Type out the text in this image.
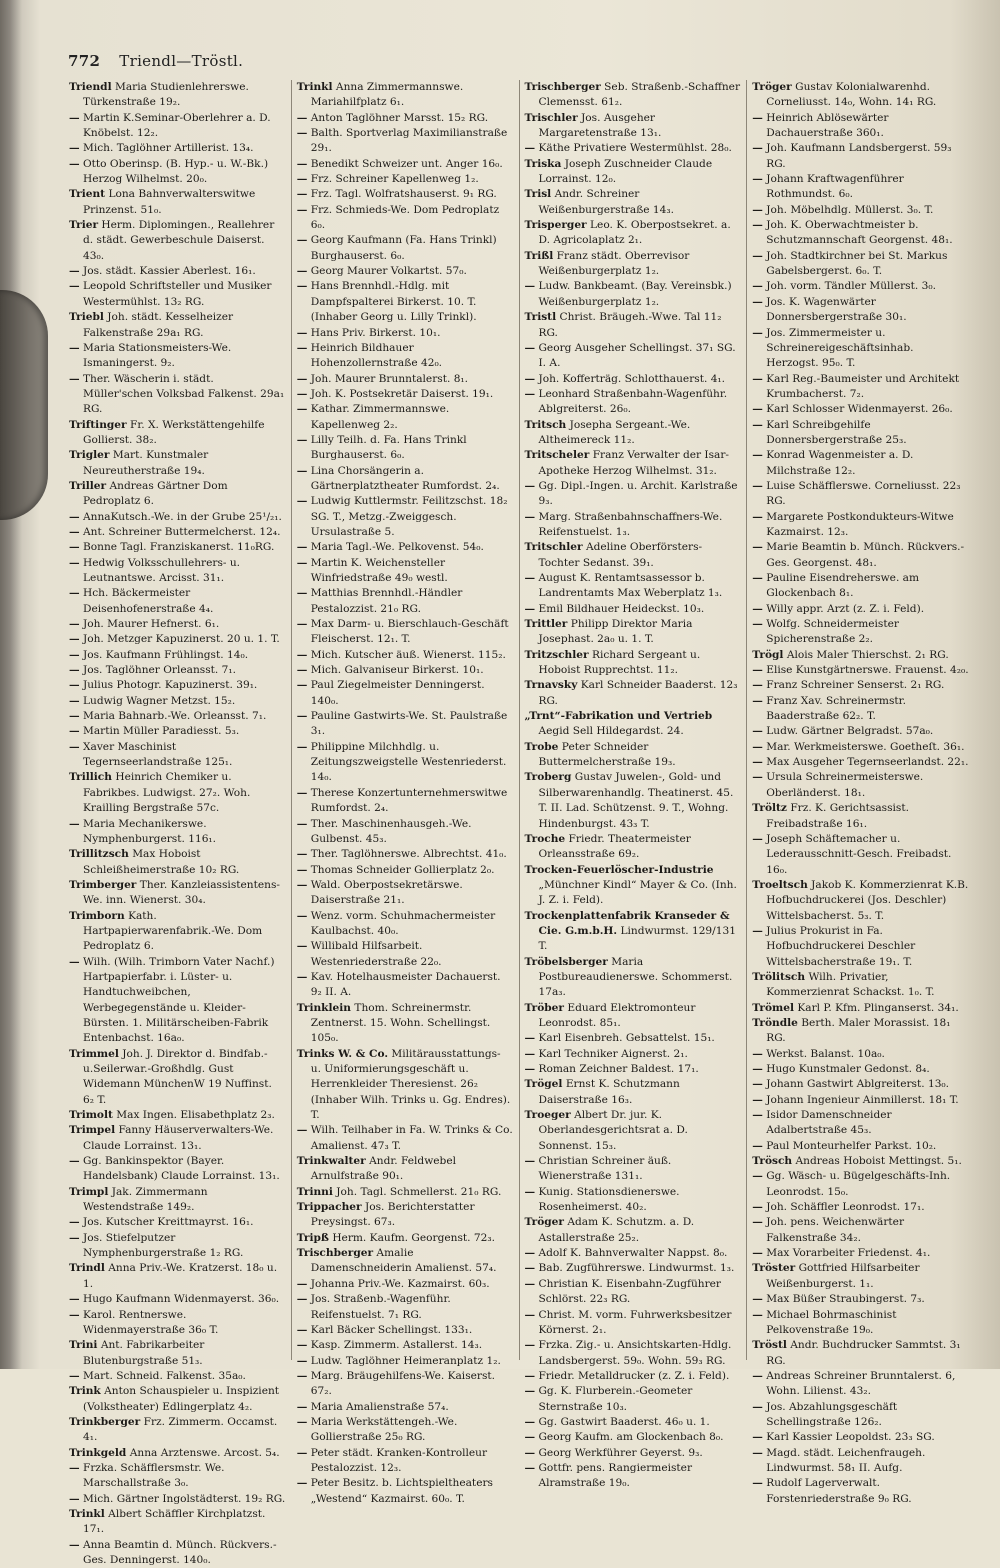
772 Triendl—Tröstl.
Triendl Maria Studienlehrerswe. Türkenstraße 19₂.
— Martin K.Seminar-Oberlehrer a. D. Knöbelst. 12₂.
— Mich. Taglöhner Artillerist. 13₄.
— Otto Oberinsp. (B. Hyp.- u. W.-Bk.) Herzog Wilhelmst. 20₀.
Trient Lona Bahnverwalterswitwe Prinzenst. 51₀.
Trier Herm. Diplomingen., Reallehrer d. städt. Gewerbeschule Daiserst. 43₀.
— Jos. städt. Kassier Aberlest. 16₁.
— Leopold Schriftsteller und Musiker Westermühlst. 13₂ RG.
Triebl Joh. städt. Kesselheizer Falkenstraße 29a₁ RG.
— Maria Stationsmeisters-We. Ismaningerst. 9₂.
— Ther. Wäscherin i. städt. Müller'schen Volksbad Falkenst. 29a₁ RG.
Triftinger Fr. X. Werkstättengehilfe Gollierst. 38₂.
Trigler Mart. Kunstmaler Neureutherstraße 19₄.
Triller Andreas Gärtner Dom Pedroplatz 6.
— AnnaKutsch.-We. in der Grube 25¹/₂₁.
— Ant. Schreiner Buttermelcherst. 12₄.
— Bonne Tagl. Franziskanerst. 11₀RG.
— Hedwig Volksschullehrers- u. Leutnantswe. Arcisst. 31₁.
— Hch. Bäckermeister Deisenhofenerstraße 4₄.
— Joh. Maurer Hefnerst. 6₁.
— Joh. Metzger Kapuzinerst. 20 u. 1. T.
— Jos. Kaufmann Frühlingst. 14₀.
— Jos. Taglöhner Orleansst. 7₁.
— Julius Photogr. Kapuzinerst. 39₁.
— Ludwig Wagner Metzst. 15₂.
— Maria Bahnarb.-We. Orleansst. 7₁.
— Martin Müller Paradiesst. 5₃.
— Xaver Maschinist Tegernseerlandstraße 125₁.
Trillich Heinrich Chemiker u. Fabrikbes. Ludwigst. 27₂. Woh. Krailling Bergstraße 57c.
— Maria Mechanikerswe. Nymphenburgerst. 116₁.
Trillitzsch Max Hoboist Schleißheimerstraße 10₂ RG.
Trimberger Ther. Kanzleiassistentens-We. inn. Wienerst. 30₄.
Trimborn Kath. Hartpapierwarenfabrik.-We. Dom Pedroplatz 6.
— Wilh. (Wilh. Trimborn Vater Nachf.) Hartpapierfabr. i. Lüster- u. Handtuchweibchen, Werbegegenstände u. Kleider-Bürsten. 1. Militärscheiben-Fabrik Entenbachst. 16a₀.
Trimmel Joh. J. Direktor d. Bindfab.- u.Seilerwar.-Großhdlg. Gust Widemann MünchenW 19 Nuffinst. 6₂ T.
Trimolt Max Ingen. Elisabethplatz 2₃.
Trimpel Fanny Häuserverwalters-We. Claude Lorrainst. 13₁.
— Gg. Bankinspektor (Bayer. Handelsbank) Claude Lorrainst. 13₁.
Trimpl Jak. Zimmermann Westendstraße 149₂.
— Jos. Kutscher Kreittmayrst. 16₁.
— Jos. Stiefelputzer Nymphenburgerstraße 1₂ RG.
Trindl Anna Priv.-We. Kratzerst. 18₀ u. 1.
— Hugo Kaufmann Widenmayerst. 36₀.
— Karol. Rentnerswe. Widenmayerstraße 36₀ T.
Trini Ant. Fabrikarbeiter Blutenburgstraße 51₃.
— Mart. Schneid. Falkenst. 35a₀.
Trink Anton Schauspieler u. Inspizient (Volkstheater) Edlingerplatz 4₂.
Trinkberger Frz. Zimmerm. Occamst. 4₁.
Trinkgeld Anna Arztenswe. Arcost. 5₄.
— Frzka. Schäfflersmstr. We. Marschallstraße 3₀.
— Mich. Gärtner Ingolstädterst. 19₂ RG.
Trinkl Albert Schäffler Kirchplatzst. 17₁.
— Anna Beamtin d. Münch. Rückvers.-Ges. Denningerst. 140₀.
Trinkl Anna Zimmermannswe. Mariahilfplatz 6₁.
— Anton Taglöhner Marsst. 15₂ RG.
— Balth. Sportverlag Maximilianstraße 29₁.
— Benedikt Schweizer unt. Anger 16₀.
— Frz. Schreiner Kapellenweg 1₂.
— Frz. Tagl. Wolfratshauserst. 9₁ RG.
— Frz. Schmieds-We. Dom Pedroplatz 6₀.
— Georg Kaufmann (Fa. Hans Trinkl) Burghauserst. 6₀.
— Georg Maurer Volkartst. 57₀.
— Hans Brennhdl.-Hdlg. mit Dampfspalterei Birkerst. 10. T. (Inhaber Georg u. Lilly Trinkl).
— Hans Priv. Birkerst. 10₁.
— Heinrich Bildhauer Hohenzollernstraße 42₀.
— Joh. Maurer Brunntalerst. 8₁.
— Joh. K. Postsekretär Daiserst. 19₁.
— Kathar. Zimmermannswe. Kapellenweg 2₂.
— Lilly Teilh. d. Fa. Hans Trinkl Burghauserst. 6₀.
— Lina Chorsängerin a. Gärtnerplatztheater Rumfordst. 2₄.
— Ludwig Kuttlermstr. Feilitzschst. 18₂ SG. T., Metzg.-Zweiggesch. Ursulastraße 5.
— Maria Tagl.-We. Pelkovenst. 54₀.
— Martin K. Weichensteller Winfriedstraße 49₀ westl.
— Matthias Brennhdl.-Händler Pestalozzist. 21₀ RG.
— Max Darm- u. Bierschlauch-Geschäft Fleischerst. 12₁. T.
— Mich. Kutscher äuß. Wienerst. 115₂.
— Mich. Galvaniseur Birkerst. 10₁.
— Paul Ziegelmeister Denningerst. 140₀.
— Pauline Gastwirts-We. St. Paulstraße 3₁.
— Philippine Milchhdlg. u. Zeitungszweigstelle Westenriederst. 14₀.
— Therese Konzertunternehmerswitwe Rumfordst. 2₄.
— Ther. Maschinenhausgeh.-We. Gulbenst. 45₃.
— Ther. Taglöhnerswe. Albrechtst. 41₀.
— Thomas Schneider Gollierplatz 2₀.
— Wald. Oberpostsekretärswe. Daiserstraße 21₁.
— Wenz. vorm. Schuhmachermeister Kaulbachst. 40₀.
— Willibald Hilfsarbeit. Westenriederstraße 22₀.
— Kav. Hotelhausmeister Dachauerst. 9₂ II. A.
Trinklein Thom. Schreinermstr. Zentnerst. 15. Wohn. Schellingst. 105₀.
Trinks W. & Co. Militärausstattungs- u. Uniformierungsgeschäft u. Herrenkleider Theresienst. 26₂ (Inhaber Wilh. Trinks u. Gg. Endres). T.
— Wilh. Teilhaber in Fa. W. Trinks & Co. Amalienst. 47₃ T.
Trinkwalter Andr. Feldwebel Arnulfstraße 90₁.
Trinni Joh. Tagl. Schmellerst. 21₀ RG.
Trippacher Jos. Berichterstatter Preysingst. 67₃.
Tripß Herm. Kaufm. Georgenst. 72₃.
Trischberger Amalie Damenschneiderin Amalienst. 57₄.
— Johanna Priv.-We. Kazmairst. 60₃.
— Jos. Straßenb.-Wagenführ. Reifenstuelst. 7₁ RG.
— Karl Bäcker Schellingst. 133₁.
— Kasp. Zimmerm. Astallerst. 14₃.
— Ludw. Taglöhner Heimeranplatz 1₂.
— Marg. Bräugehilfens-We. Kaiserst. 67₂.
— Maria Amalienstraße 57₄.
— Maria Werkstättengeh.-We. Gollierstraße 25₀ RG.
— Peter städt. Kranken-Kontrolleur Pestalozzist. 12₃.
— Peter Besitz. b. Lichtspieltheaters „Westend“ Kazmairst. 60₀. T.
Trischberger Seb. Straßenb.-Schaffner Clemensst. 61₂.
Trischler Jos. Ausgeher Margaretenstraße 13₁.
— Käthe Privatiere Westermühlst. 28₀.
Triska Joseph Zuschneider Claude Lorrainst. 12₀.
Trisl Andr. Schreiner Weißenburgerstraße 14₃.
Trisperger Leo. K. Oberpostsekret. a. D. Agricolaplatz 2₁.
Trißl Franz städt. Oberrevisor Weißenburgerplatz 1₂.
— Ludw. Bankbeamt. (Bay. Vereinsbk.) Weißenburgerplatz 1₂.
Tristl Christ. Bräugeh.-Wwe. Tal 11₂ RG.
— Georg Ausgeher Schellingst. 37₁ SG. I. A.
— Joh. Kofferträg. Schlotthauerst. 4₁.
— Leonhard Straßenbahn-Wagenführ. Ablgreiterst. 26₀.
Tritsch Josepha Sergeant.-We. Altheimereck 11₂.
Tritscheler Franz Verwalter der Isar-Apotheke Herzog Wilhelmst. 31₂.
— Gg. Dipl.-Ingen. u. Archit. Karlstraße 9₃.
— Marg. Straßenbahnschaffners-We. Reifenstuelst. 1₃.
Tritschler Adeline Oberförsters-Tochter Sedanst. 39₁.
— August K. Rentamtsassessor b. Landrentamts Max Weberplatz 1₃.
— Emil Bildhauer Heideckst. 10₃.
Trittler Philipp Direktor Maria Josephast. 2a₀ u. 1. T.
Tritzschler Richard Sergeant u. Hoboist Rupprechtst. 11₂.
Trnavsky Karl Schneider Baaderst. 12₃ RG.
„Trnt“-Fabrikation und Vertrieb Aegid Sell Hildegardst. 24.
Trobe Peter Schneider Buttermelcherstraße 19₃.
Troberg Gustav Juwelen-, Gold- und Silberwarenhandlg. Theatinerst. 45. T. II. Lad. Schützenst. 9. T., Wohng. Hindenburgst. 43₃ T.
Troche Friedr. Theatermeister Orleansstraße 69₂.
Trocken-Feuerlöscher-Industrie „Münchner Kindl“ Mayer & Co. (Inh. J. Z. i. Feld).
Trockenplattenfabrik Kranseder & Cie. G.m.b.H. Lindwurmst. 129/131 T.
Tröbelsberger Maria Postbureaudienerswe. Schommerst. 17a₃.
Tröber Eduard Elektromonteur Leonrodst. 85₁.
— Karl Eisenbreh. Gebsattelst. 15₁.
— Karl Techniker Aignerst. 2₁.
— Roman Zeichner Baldest. 17₁.
Trögel Ernst K. Schutzmann Daiserstraße 16₃.
Troeger Albert Dr. jur. K. Oberlandesgerichtsrat a. D. Sonnenst. 15₃.
— Christian Schreiner äuß. Wienerstraße 131₁.
— Kunig. Stationsdienerswe. Rosenheimerst. 40₂.
Tröger Adam K. Schutzm. a. D. Astallerstraße 25₂.
— Adolf K. Bahnverwalter Nappst. 8₀.
— Bab. Zugführerswe. Lindwurmst. 1₃.
— Christian K. Eisenbahn-Zugführer Schlörst. 22₃ RG.
— Christ. M. vorm. Fuhrwerksbesitzer Körnerst. 2₁.
— Frzka. Zig.- u. Ansichtskarten-Hdlg. Landsbergerst. 59₀. Wohn. 59₃ RG.
— Friedr. Metalldrucker (z. Z. i. Feld).
— Gg. K. Flurberein.-Geometer Sternstraße 10₃.
— Gg. Gastwirt Baaderst. 46₀ u. 1.
— Georg Kaufm. am Glockenbach 8₀.
— Georg Werkführer Geyerst. 9₃.
— Gottfr. pens. Rangiermeister Alramstraße 19₀.
Tröger Gustav Kolonialwarenhd. Corneliusst. 14₀, Wohn. 14₁ RG.
— Heinrich Ablösewärter Dachauerstraße 360₁.
— Joh. Kaufmann Landsbergerst. 59₃ RG.
— Johann Kraftwagenführer Rothmundst. 6₀.
— Joh. Möbelhdlg. Müllerst. 3₀. T.
— Joh. K. Oberwachtmeister b. Schutzmannschaft Georgenst. 48₁.
— Joh. Stadtkirchner bei St. Markus Gabelsbergerst. 6₀. T.
— Joh. vorm. Tändler Müllerst. 3₀.
— Jos. K. Wagenwärter Donnersbergerstraße 30₁.
— Jos. Zimmermeister u. Schreinereigeschäftsinhab. Herzogst. 95₀. T.
— Karl Reg.-Baumeister und Architekt Krumbacherst. 7₂.
— Karl Schlosser Widenmayerst. 26₀.
— Karl Schreibgehilfe Donnersbergerstraße 25₃.
— Konrad Wagenmeister a. D. Milchstraße 12₂.
— Luise Schäfflerswe. Corneliusst. 22₃ RG.
— Margarete Postkondukteurs-Witwe Kazmairst. 12₃.
— Marie Beamtin b. Münch. Rückvers.-Ges. Georgenst. 48₁.
— Pauline Eisendreherswe. am Glockenbach 8₁.
— Willy appr. Arzt (z. Z. i. Feld).
— Wolfg. Schneidermeister Spicherenstraße 2₂.
Trögl Alois Maler Thierschst. 2₁ RG.
— Elise Kunstgärtnerswe. Frauenst. 4₂₀.
— Franz Schreiner Senserst. 2₁ RG.
— Franz Xav. Schreinermstr. Baaderstraße 62₂. T.
— Ludw. Gärtner Belgradst. 57a₀.
— Mar. Werkmeisterswe. Goetheſt. 36₁.
— Max Ausgeher Tegernseerlandst. 22₁.
— Ursula Schreinermeisterswe. Oberländerst. 18₁.
Tröltz Frz. K. Gerichtsassist. Freibadstraße 16₁.
— Joseph Schäftemacher u. Lederausschnitt-Gesch. Freibadst. 16₀.
Troeltsch Jakob K. Kommerzienrat K.B. Hofbuchdruckerei (Jos. Deschler) Wittelsbacherst. 5₃. T.
— Julius Prokurist in Fa. Hofbuchdruckerei Deschler Wittelsbacherstraße 19₁. T.
Trölitsch Wilh. Privatier, Kommerzienrat Schackst. 1₀. T.
Trömel Karl P. Kfm. Plinganserst. 34₁.
Tröndle Berth. Maler Morassist. 18₁ RG.
— Werkst. Balanst. 10a₀.
— Hugo Kunstmaler Gedonst. 8₄.
— Johann Gastwirt Ablgreiterst. 13₀.
— Johann Ingenieur Ainmillerst. 18₁ T.
— Isidor Damenschneider Adalbertstraße 45₃.
— Paul Monteurhelfer Parkst. 10₂.
Trösch Andreas Hoboist Mettingst. 5₁.
— Gg. Wäsch- u. Bügelgeschäfts-Inh. Leonrodst. 15₀.
— Joh. Schäffler Leonrodst. 17₁.
— Joh. pens. Weichenwärter Falkenstraße 34₂.
— Max Vorarbeiter Friedenst. 4₁.
Tröster Gottfried Hilfsarbeiter Weißenburgerst. 1₁.
— Max Büßer Straubingerst. 7₃.
— Michael Bohrmaschinist Pelkovenstraße 19₀.
Tröstl Andr. Buchdrucker Sammtst. 3₁ RG.
— Andreas Schreiner Brunntalerst. 6, Wohn. Lilienst. 43₂.
— Jos. Abzahlungsgeschäft Schellingstraße 126₂.
— Karl Kassier Leopoldst. 23₃ SG.
— Magd. städt. Leichenfraugeh. Lindwurmst. 58₁ II. Aufg.
— Rudolf Lagerverwalt. Forstenriederstraße 9₀ RG.
